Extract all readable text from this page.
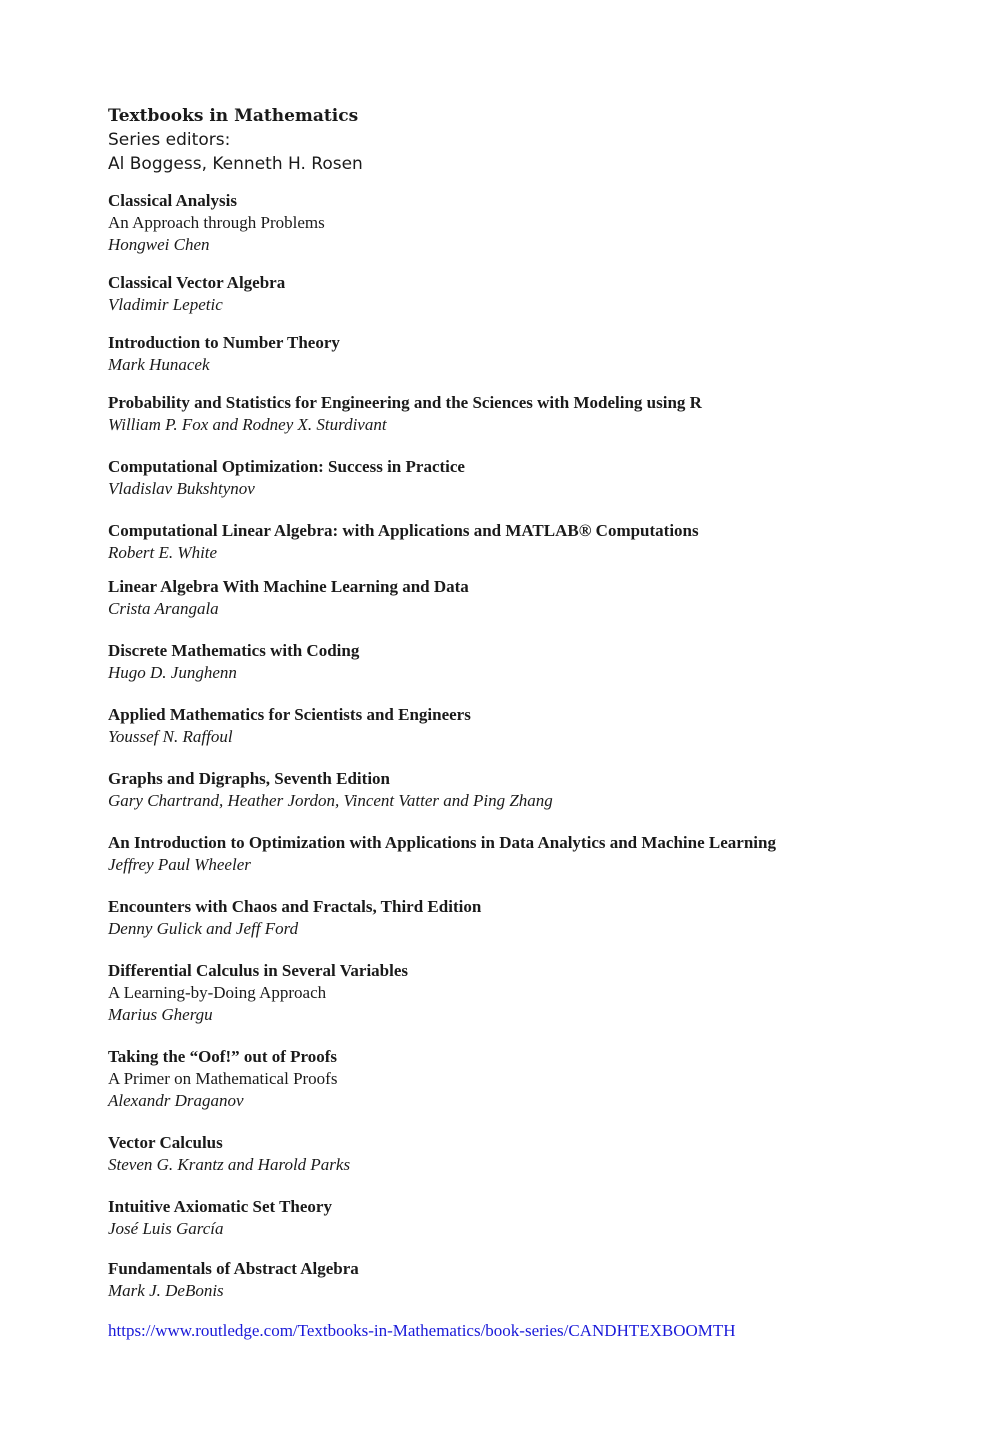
Textbooks in Mathematics

Series editors:

Al Boggess, Kenneth H. Rosen

Classical Analysis

An Approach through Problems

Hongwei Chen

Classical Vector Algebra

Vladimir Lepetic

Introduction to Number Theory

Mark Hunacek

Probability and Statistics for Engineering and the Sciences with Modeling using R

William P. Fox and Rodney X. Sturdivant

Computational Optimization: Success in Practice

Vladislav Bukshtynov

Computational Linear Algebra: with Applications and MATLAB® Computations

Robert E. White

Linear Algebra With Machine Learning and Data

Crista Arangala

Discrete Mathematics with Coding

Hugo D. Junghenn

Applied Mathematics for Scientists and Engineers

Youssef N. Raffoul

Graphs and Digraphs, Seventh Edition

Gary Chartrand, Heather Jordon, Vincent Vatter and Ping Zhang

An Introduction to Optimization with Applications in Data Analytics and Machine Learning

Jeffrey Paul Wheeler

Encounters with Chaos and Fractals, Third Edition

Denny Gulick and Jeff Ford

Differential Calculus in Several Variables

A Learning-by-Doing Approach

Marius Ghergu

Taking the “Oof!” out of Proofs

A Primer on Mathematical Proofs

Alexandr Draganov

Vector Calculus

Steven G. Krantz and Harold Parks

Intuitive Axiomatic Set Theory

José Luis García

Fundamentals of Abstract Algebra

Mark J. DeBonis

https://www.routledge.com/Textbooks-in-Mathematics/book-series/CANDHTEXBOOMTH
